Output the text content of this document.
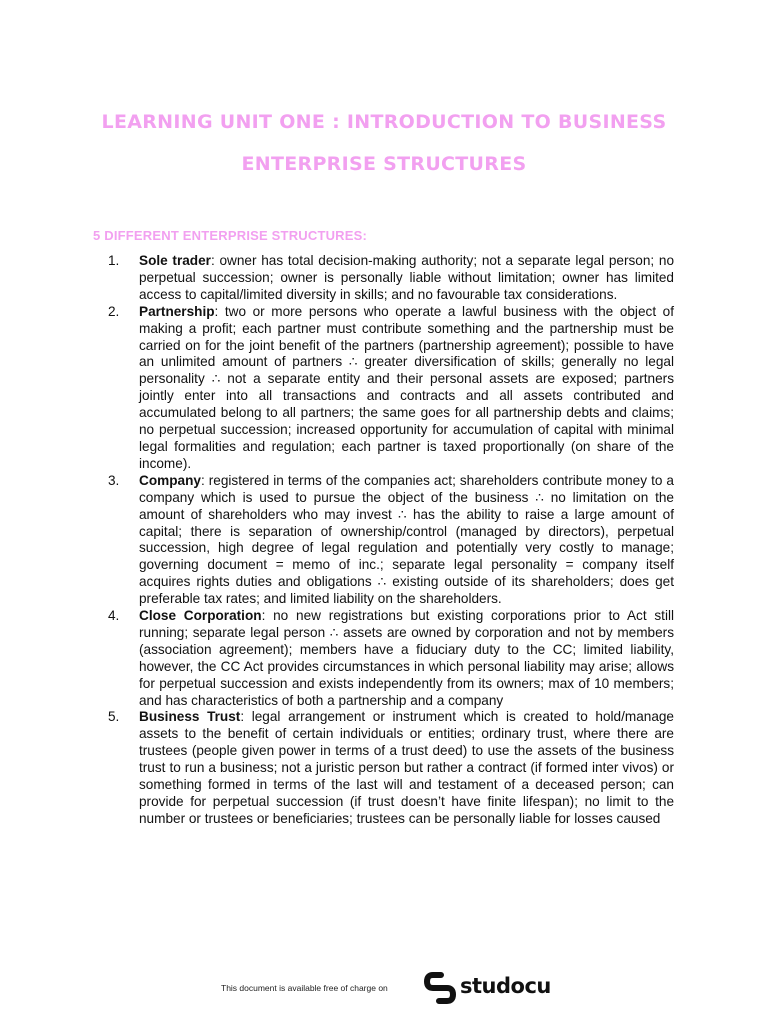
LEARNING UNIT ONE : INTRODUCTION TO BUSINESS ENTERPRISE STRUCTURES
5 DIFFERENT ENTERPRISE STRUCTURES:
1. Sole trader: owner has total decision-making authority; not a separate legal person; no perpetual succession; owner is personally liable without limitation; owner has limited access to capital/limited diversity in skills; and no favourable tax considerations.
2. Partnership: two or more persons who operate a lawful business with the object of making a profit; each partner must contribute something and the partnership must be carried on for the joint benefit of the partners (partnership agreement); possible to have an unlimited amount of partners ∴ greater diversification of skills; generally no legal personality ∴ not a separate entity and their personal assets are exposed; partners jointly enter into all transactions and contracts and all assets contributed and accumulated belong to all partners; the same goes for all partnership debts and claims; no perpetual succession; increased opportunity for accumulation of capital with minimal legal formalities and regulation; each partner is taxed proportionally (on share of the income).
3. Company: registered in terms of the companies act; shareholders contribute money to a company which is used to pursue the object of the business ∴ no limitation on the amount of shareholders who may invest ∴ has the ability to raise a large amount of capital; there is separation of ownership/control (managed by directors), perpetual succession, high degree of legal regulation and potentially very costly to manage; governing document = memo of inc.; separate legal personality = company itself acquires rights duties and obligations ∴ existing outside of its shareholders; does get preferable tax rates; and limited liability on the shareholders.
4. Close Corporation: no new registrations but existing corporations prior to Act still running; separate legal person ∴ assets are owned by corporation and not by members (association agreement); members have a fiduciary duty to the CC; limited liability, however, the CC Act provides circumstances in which personal liability may arise; allows for perpetual succession and exists independently from its owners; max of 10 members; and has characteristics of both a partnership and a company
5. Business Trust: legal arrangement or instrument which is created to hold/manage assets to the benefit of certain individuals or entities; ordinary trust, where there are trustees (people given power in terms of a trust deed) to use the assets of the business trust to run a business; not a juristic person but rather a contract (if formed inter vivos) or something formed in terms of the last will and testament of a deceased person; can provide for perpetual succession (if trust doesn’t have finite lifespan); no limit to the number or trustees or beneficiaries; trustees can be personally liable for losses caused
This document is available free of charge on	studocu
